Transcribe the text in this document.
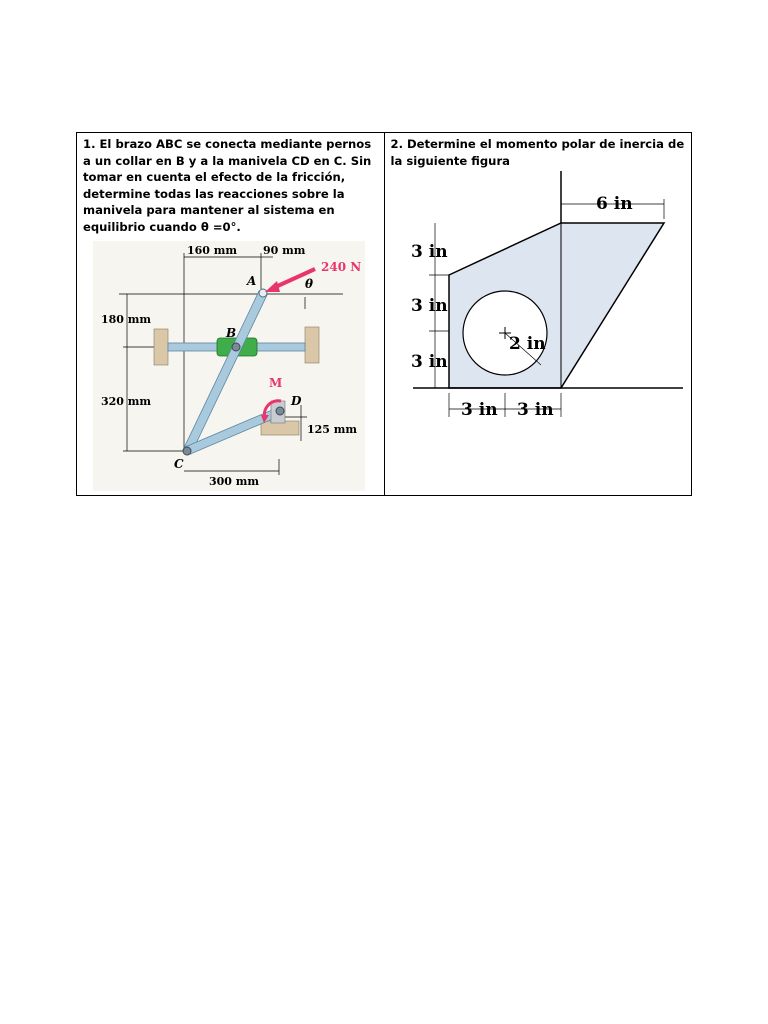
1. El brazo ABC se conecta mediante pernos a un collar en B y a la manivela CD en C. Sin tomar en cuenta el efecto de la fricción, determine todas las reacciones sobre la manivela para mantener al sistema en equilibrio cuando θ =0°.
160 mm 90 mm
180 mm
320 mm
125 mm
300 mm
240 N
M
θ
A
B
C
D

2. Determine el momento polar de inercia de la siguiente figura
6 in
3 in
3 in
3 in
2 in
3 in 3 in
